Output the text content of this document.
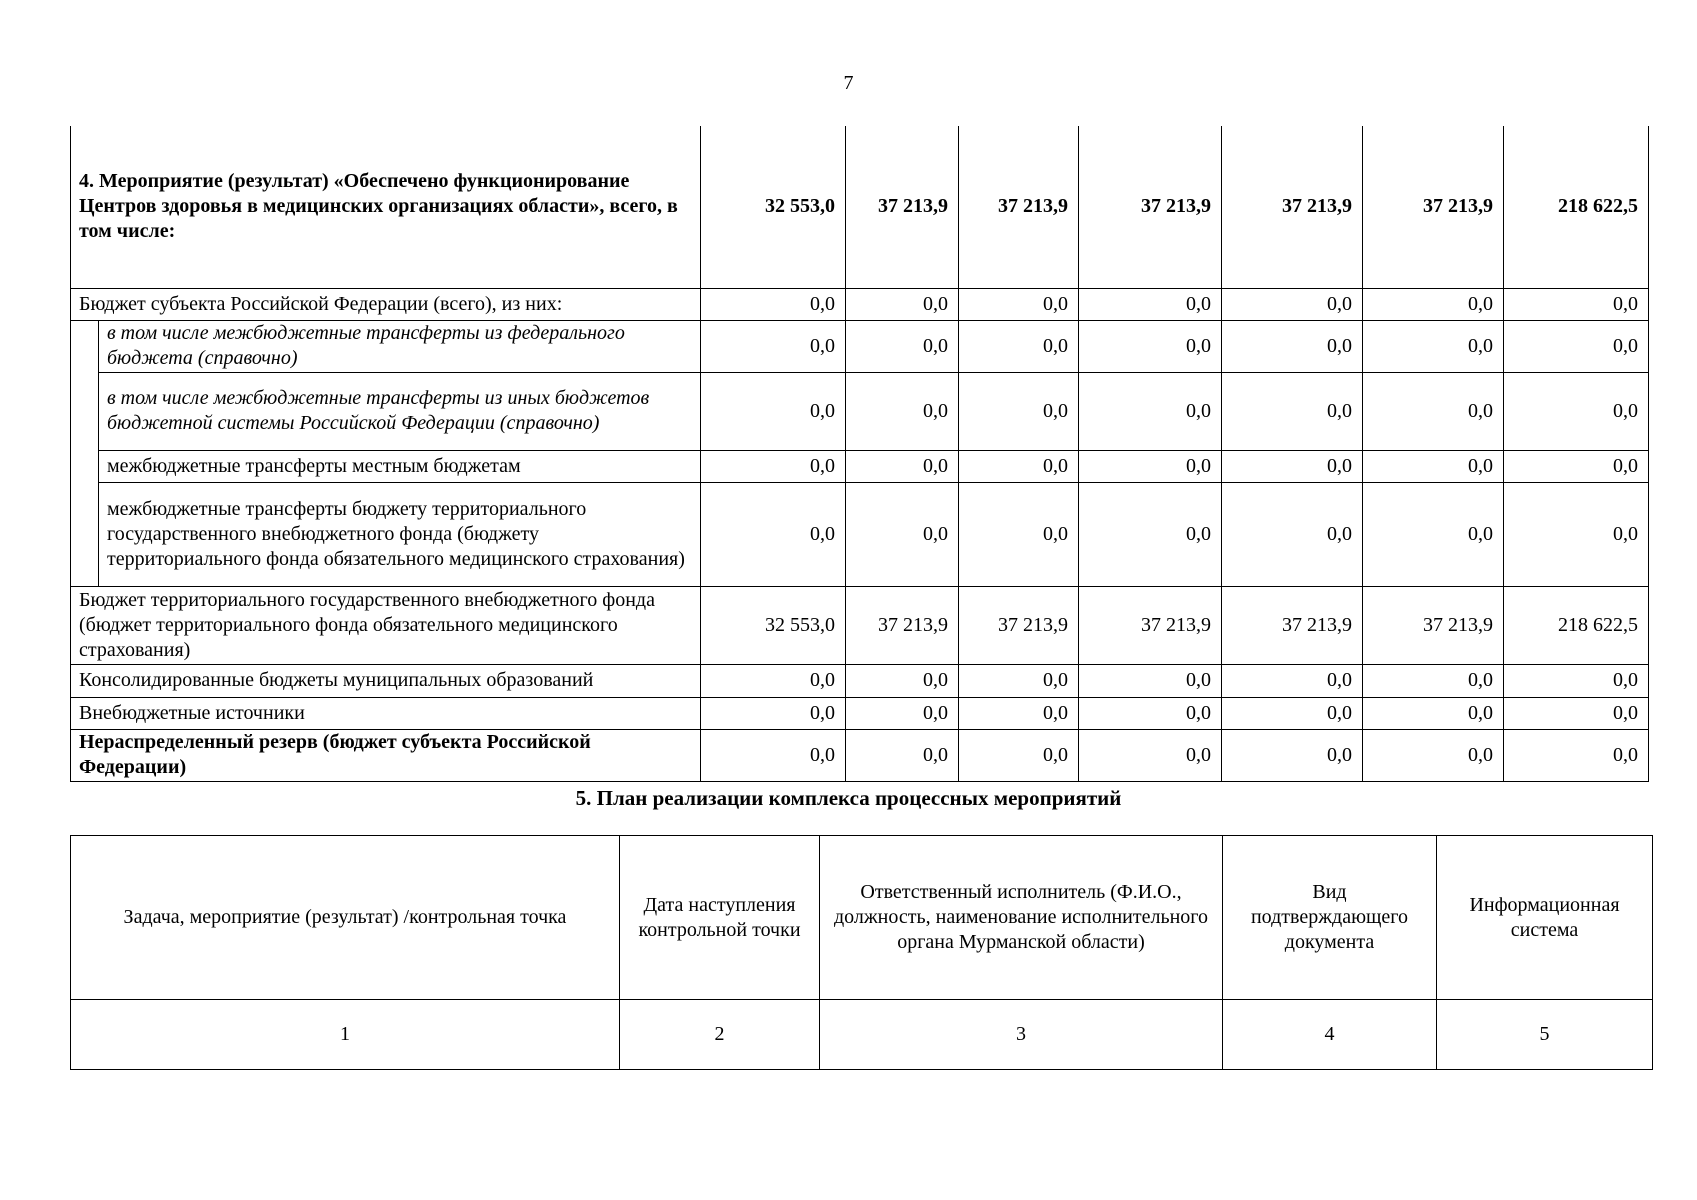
7
4. Мероприятие (результат) «Обеспечено функционирование Центров здоровья в медицинских организациях области», всего, в том числе:		32 553,0	37 213,9	37 213,9	37 213,9	37 213,9	37 213,9	218 622,5
Бюджет субъекта Российской Федерации (всего), из них:		0,0	0,0	0,0	0,0	0,0	0,0	0,0
	в том числе межбюджетные трансферты из федерального бюджета (справочно)	0,0	0,0	0,0	0,0	0,0	0,0	0,0
	в том числе межбюджетные трансферты из иных бюджетов бюджетной системы Российской Федерации (справочно)	0,0	0,0	0,0	0,0	0,0	0,0	0,0
	межбюджетные трансферты местным бюджетам	0,0	0,0	0,0	0,0	0,0	0,0	0,0
	межбюджетные трансферты бюджету территориального государственного внебюджетного фонда (бюджету территориального фонда обязательного медицинского страхования)	0,0	0,0	0,0	0,0	0,0	0,0	0,0
Бюджет территориального государственного внебюджетного фонда (бюджет территориального фонда обязательного медицинского страхования)		32 553,0	37 213,9	37 213,9	37 213,9	37 213,9	37 213,9	218 622,5
Консолидированные бюджеты муниципальных образований		0,0	0,0	0,0	0,0	0,0	0,0	0,0
Внебюджетные источники		0,0	0,0	0,0	0,0	0,0	0,0	0,0
Нераспределенный резерв (бюджет субъекта Российской Федерации)		0,0	0,0	0,0	0,0	0,0	0,0	0,0
5. План реализации комплекса процессных мероприятий
Задача, мероприятие (результат) /контрольная точка	Дата наступления контрольной точки	Ответственный исполнитель (Ф.И.О., должность, наименование исполнительного органа Мурманской области)	Вид подтверждающего документа	Информационная система
1	2	3	4	5
